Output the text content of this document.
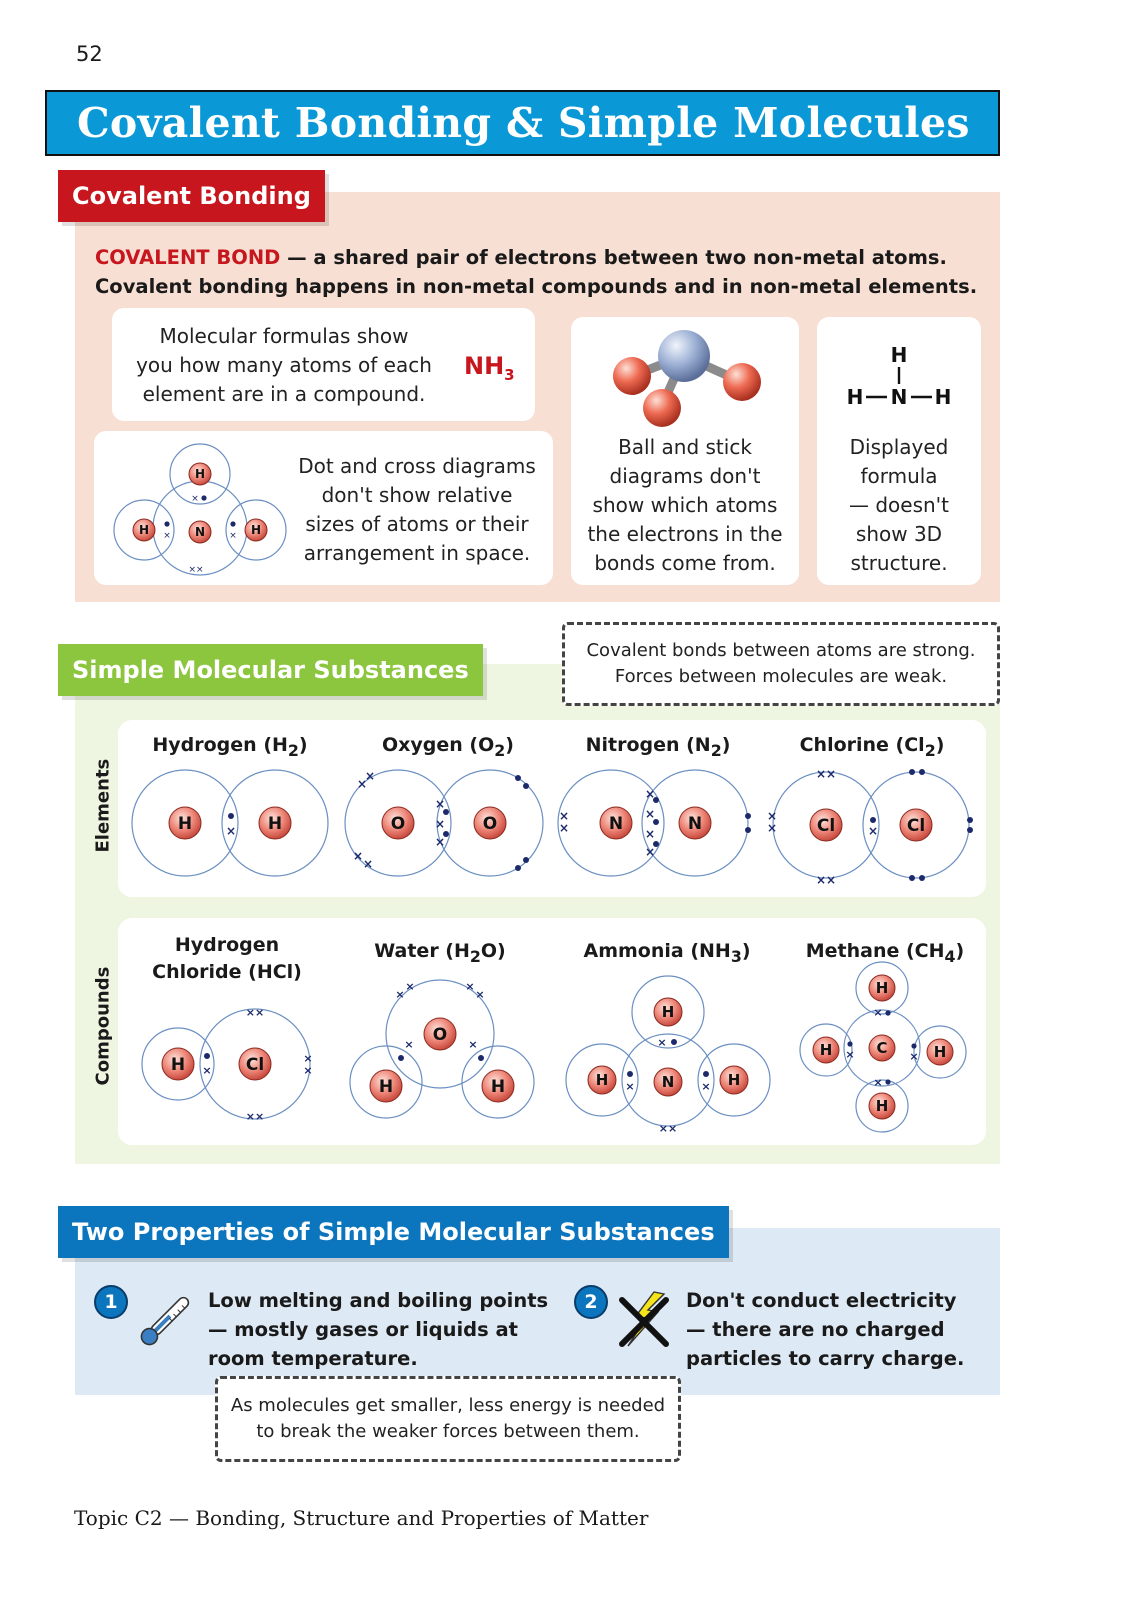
52
Covalent Bonding & Simple Molecules
Covalent Bonding
COVALENT BOND — a shared pair of electrons between two non-metal atoms.
Covalent bonding happens in non-metal compounds and in non-metal elements.
Molecular formulas show
you how many atoms of each
element are in a compound.
$NH_3$
H
H	N	H
×
×	×
××
Dot and cross diagrams
don't show relative
sizes of atoms or their
arrangement in space.
Ball and stick
diagrams don't
show which atoms
the electrons in the
bonds come from.
H
H N H
Displayed
formula
— doesn't
show 3D
structure.
Simple Molecular Substances
Covalent bonds between atoms are strong.
Forces between molecules are weak.
Elements
Hydrogen $(H_2)$	Oxygen $(O_2)$	Nitrogen $(N_2)$	Chlorine $(Cl_2)$
H	H	O	O	N	N	Cl	Cl
×
×
×
×
×
×
×
×
×
×
×
×
×
×
××
××
×
×	×
Compounds
Hydrogen
Chloride (HCl)
Water $(H_2O)$	Ammonia $(NH_3)$	Methane $(CH_4)$
H	Cl
O
H	H
H
H	N	H
H
H	C	H
H
×
××
××
×
×
×	×
×
×	×
×
×
×	×
××
×
×
×
×
Two Properties of Simple Molecular Substances
1	Low melting and boiling points
— mostly gases or liquids at
room temperature.
2	Don't conduct electricity
— there are no charged
particles to carry charge.
As molecules get smaller, less energy is needed
to break the weaker forces between them.
Topic C2 — Bonding, Structure and Properties of Matter
